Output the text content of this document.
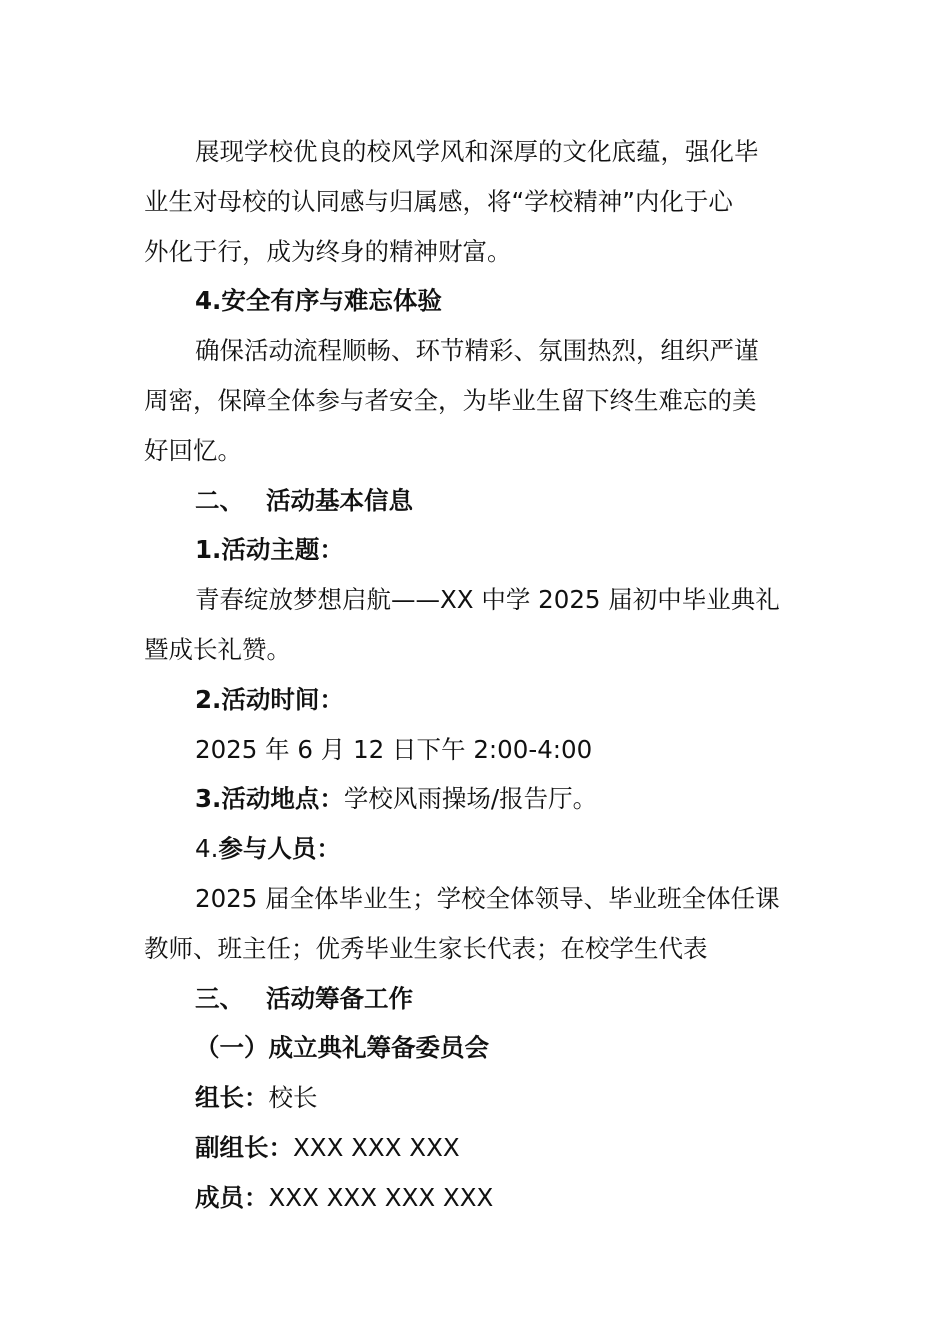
展现学校优良的校风学风和深厚的文化底蕴，强化毕

业生对母校的认同感与归属感，将“学校精神”内化于心

外化于行，成为终身的精神财富。

4.安全有序与难忘体验

确保活动流程顺畅、环节精彩、氛围热烈，组织严谨

周密，保障全体参与者安全，为毕业生留下终生难忘的美

好回忆。

二、 活动基本信息

1.活动主题：

青春绽放梦想启航——XX 中学 2025 届初中毕业典礼

暨成长礼赞。

2.活动时间：

2025 年 6 月 12 日下午 2:00-4:00

3.活动地点：学校风雨操场/报告厅。

4.参与人员：

2025 届全体毕业生；学校全体领导、毕业班全体任课

教师、班主任；优秀毕业生家长代表；在校学生代表

三、 活动筹备工作

（一）成立典礼筹备委员会

组长：校长

副组长：XXX XXX XXX

成员：XXX XXX XXX XXX
